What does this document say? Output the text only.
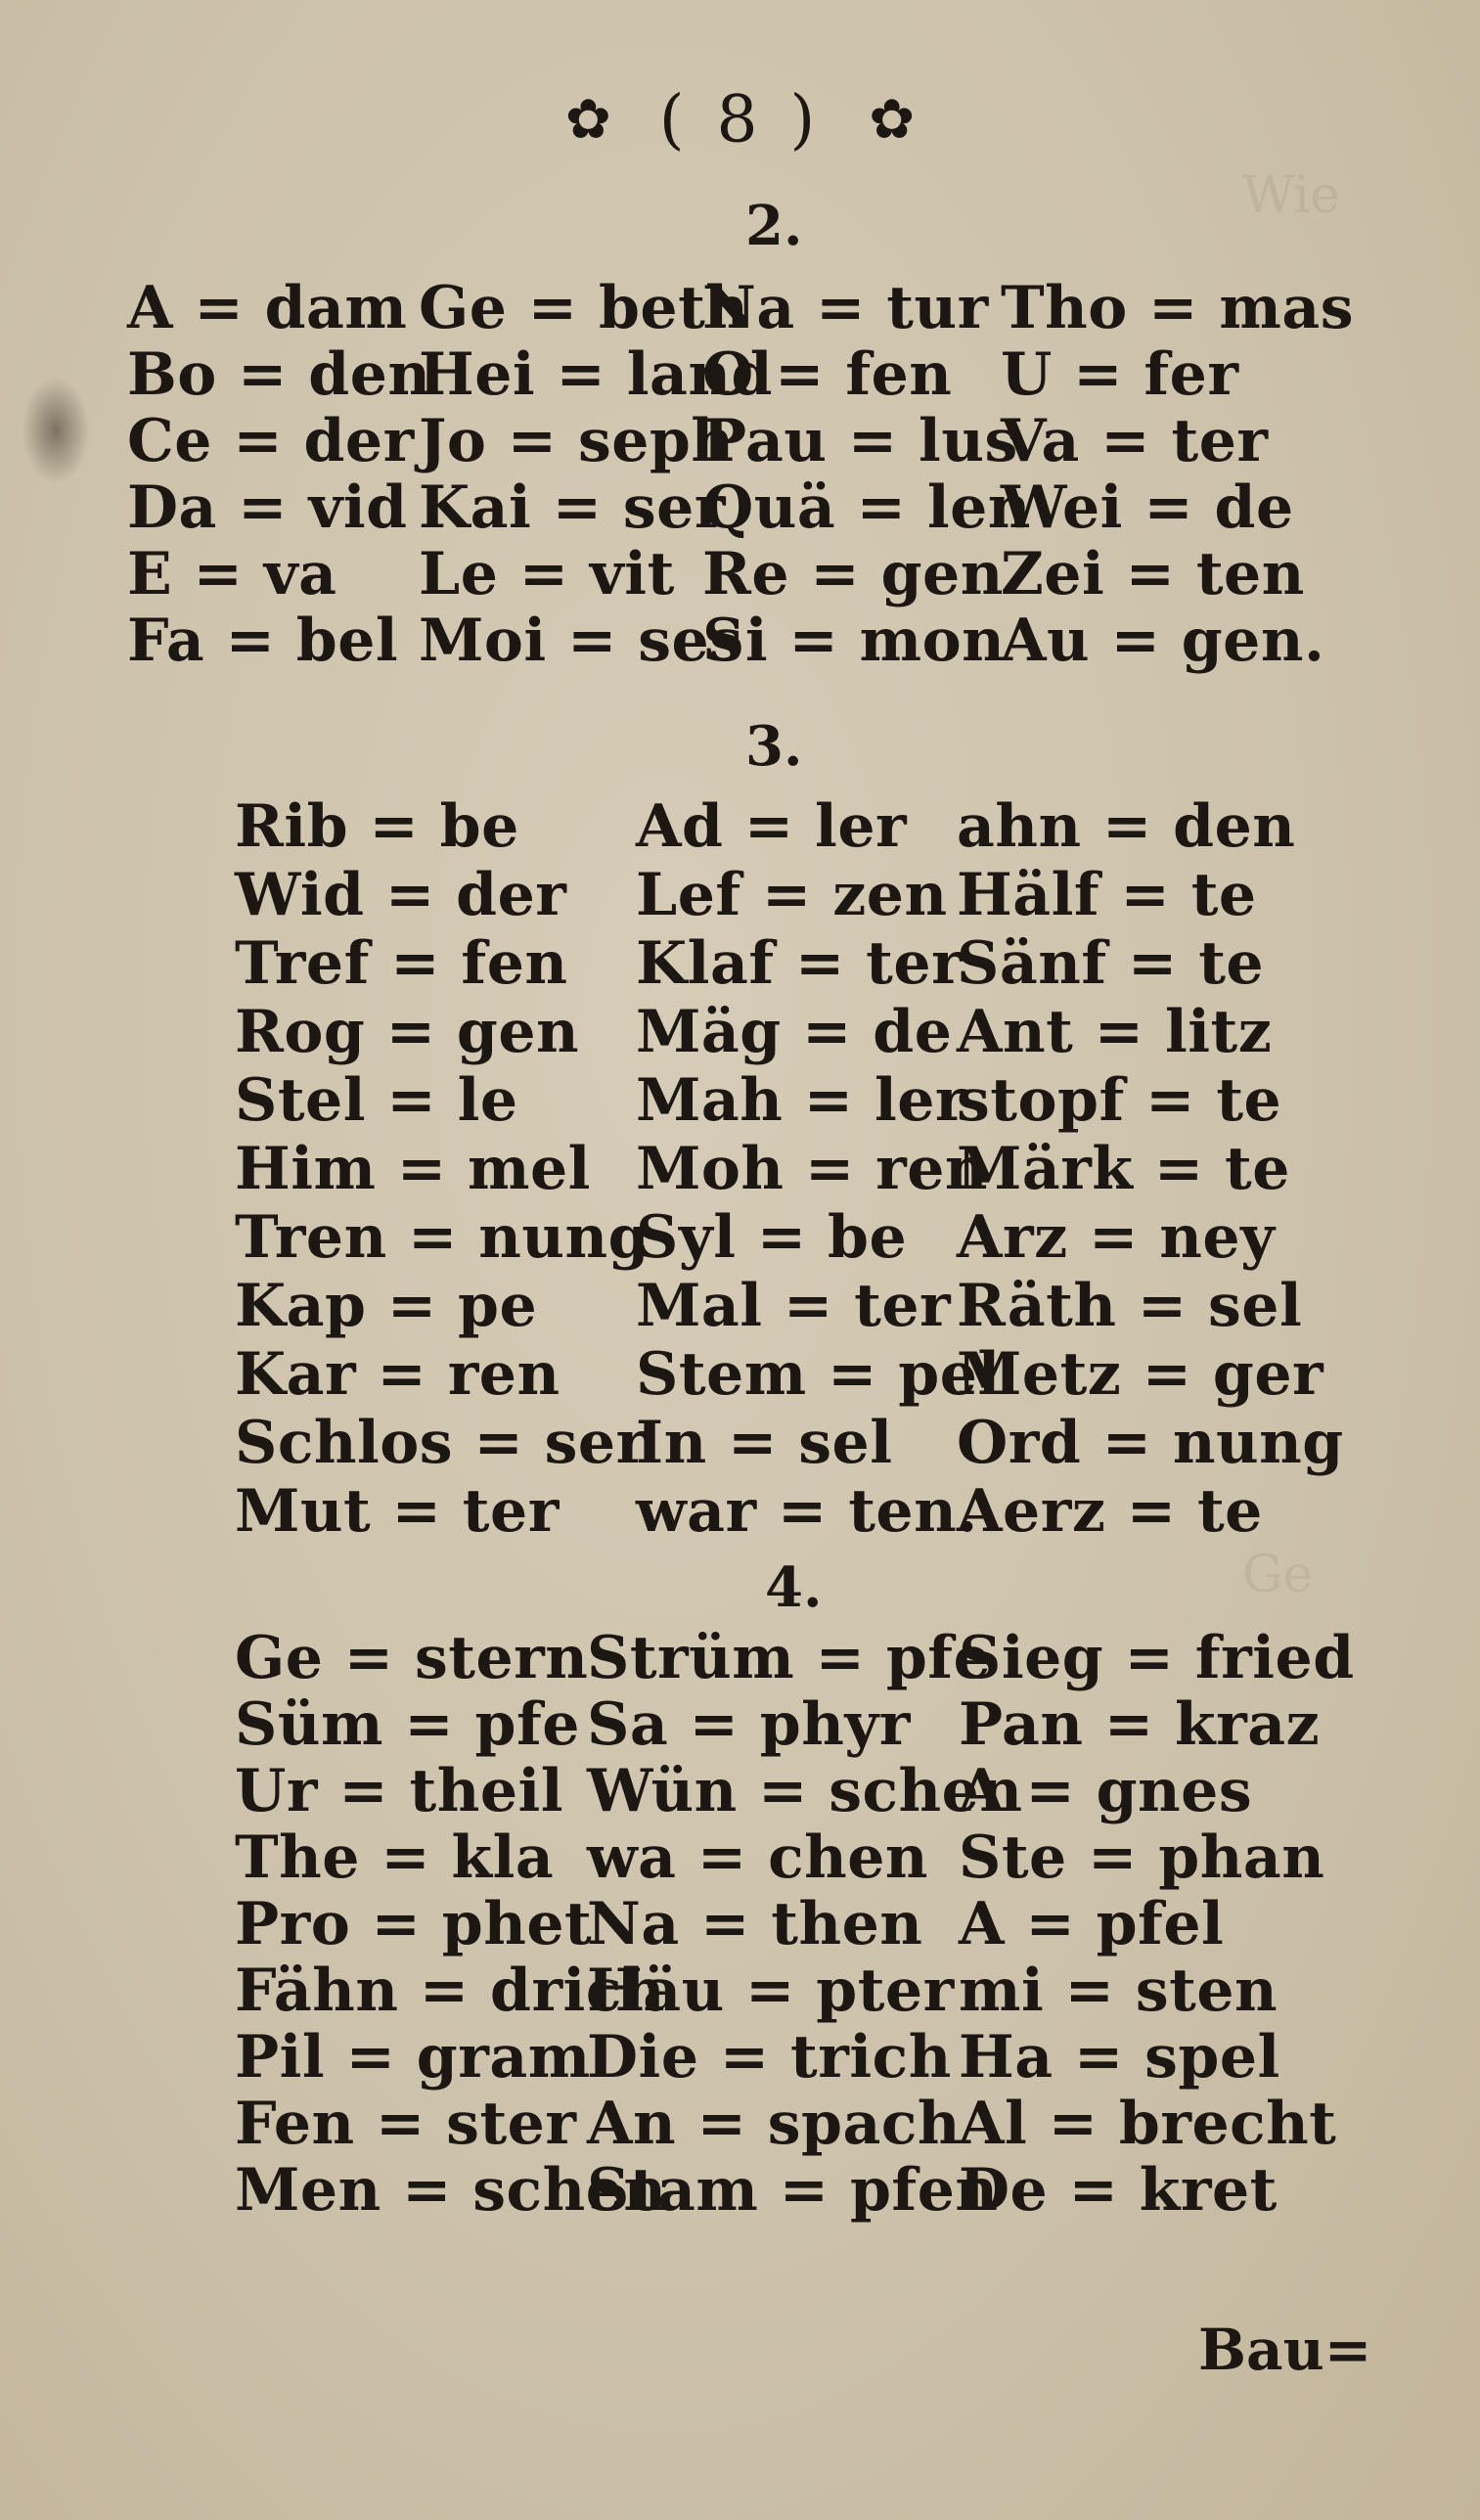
Wie
Ge
✿ ( 8 ) ✿
2.
A = dam
Bo = den
Ce = der
Da = vid
E = va
Fa = bel
Ge = beth
Hei = land
Jo = seph
Kai = ser
Le = vit
Moi = ses
Na = tur
O = fen
Pau = lus
Quä = len
Re = gen
Si = mon
Tho = mas
U = fer
Va = ter
Wei = de
Zei = ten
Au = gen.
3.
Rib = be
Wid = der
Tref = fen
Rog = gen
Stel = le
Him = mel
Tren = nung
Kap = pe
Kar = ren
Schlos = ser
Mut = ter
Ad = ler
Lef = zen
Klaf = ter
Mäg = de
Mah = ler
Moh = ren
Syl = be
Mal = ter
Stem = pel
In = sel
war = ten.
ahn = den
Hälf = te
Sänf = te
Ant = litz
stopf = te
Märk = te
Arz = ney
Räth = sel
Metz = ger
Ord = nung
Aerz = te
4.
Ge = stern
Süm = pfe
Ur = theil
The = kla
Pro = phet
Fähn = drich
Pil = gram
Fen = ster
Men = schen
Strüm = pfe
Sa = phyr
Wün = schen
wa = chen
Na = then
Häu = pter
Die = trich
An = spach
Stam = pfen
Sieg = fried
Pan = kraz
A = gnes
Ste = phan
A = pfel
mi = sten
Ha = spel
Al = brecht
De = kret
Bau=
